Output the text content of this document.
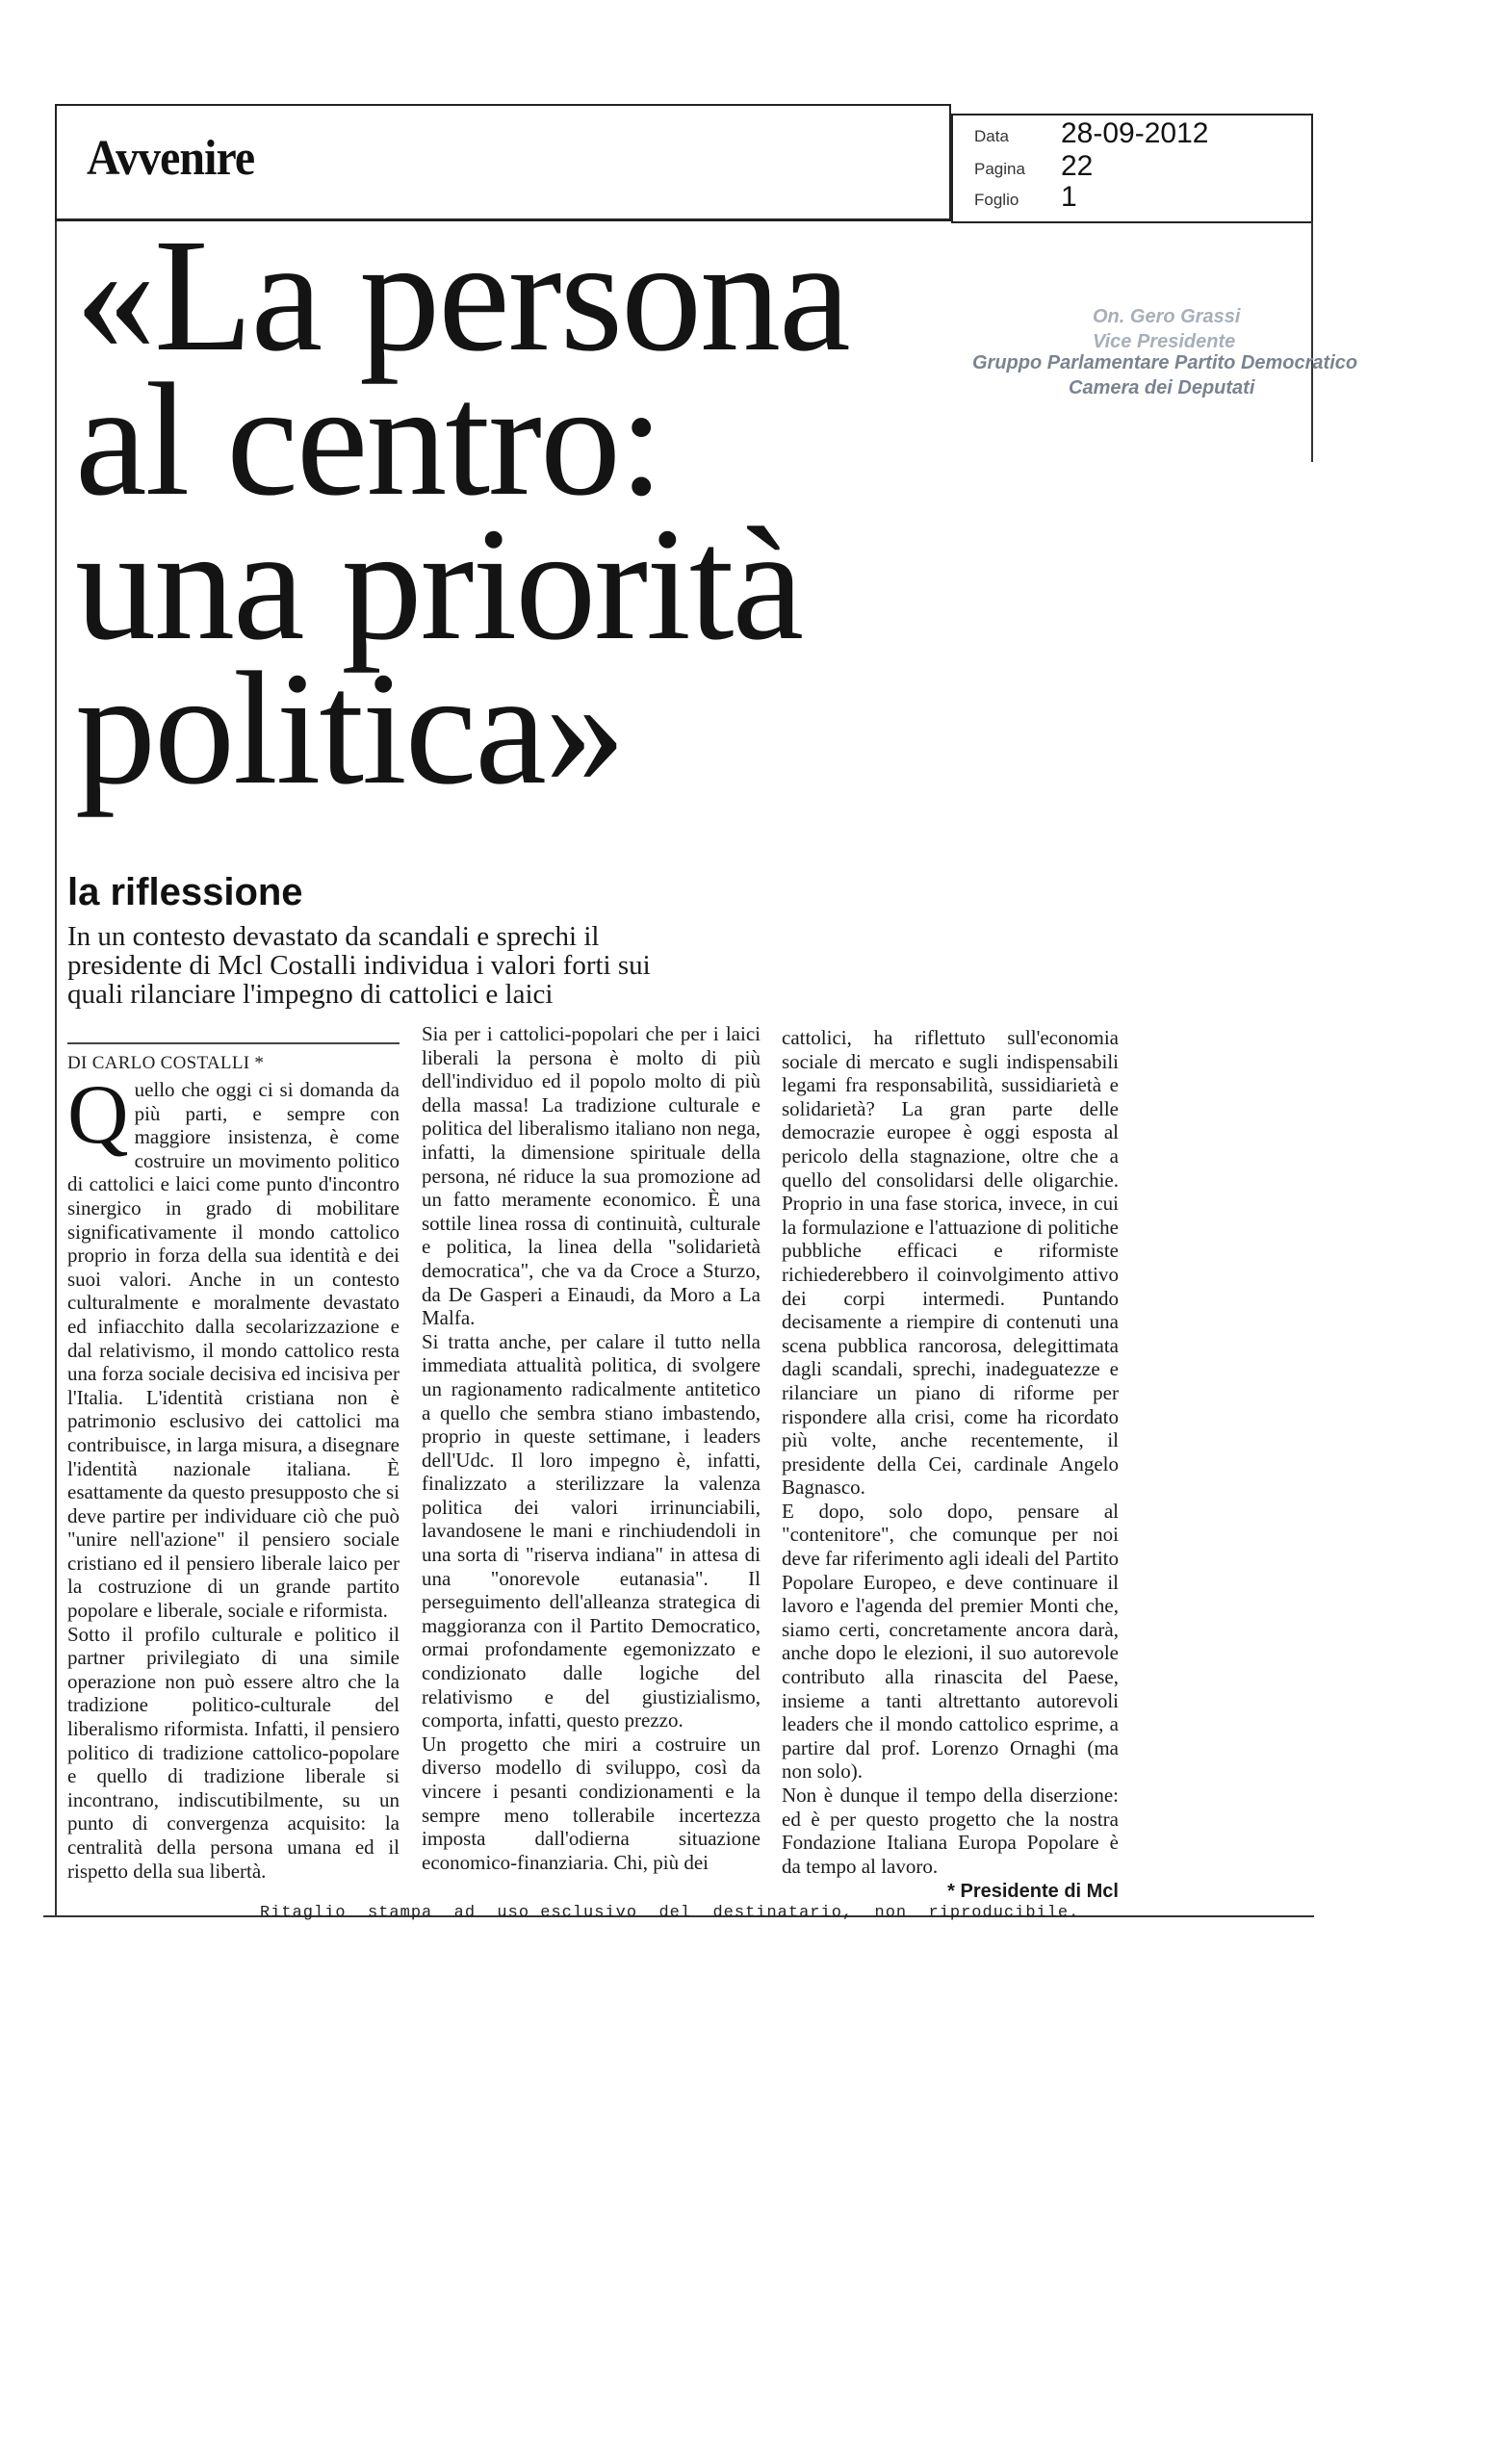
Avvenire	Data 28-09-2012
Pagina 22
Foglio 1
On. Gero Grassi
Vice Presidente
Gruppo Parlamentare Partito Democratico
Camera dei Deputati
«La persona
al centro:
una priorità
politica»
la riflessione
In un contesto devastato da scandali e sprechi il presidente di Mcl Costalli individua i valori forti sui quali rilanciare l'impegno di cattolici e laici
DI CARLO COSTALLI *

Quello che oggi ci si domanda da più parti, e sempre con maggiore insistenza, è come costruire un movimento politico di cattolici e laici come punto d'incontro sinergico in grado di mobilitare significativamente il mondo cattolico proprio in forza della sua identità e dei suoi valori. Anche in un contesto culturalmente e moralmente devastato ed infiacchito dalla secolarizzazione e dal relativismo, il mondo cattolico resta una forza sociale decisiva ed incisiva per l'Italia. L'identità cristiana non è patrimonio esclusivo dei cattolici ma contribuisce, in larga misura, a disegnare l'identità nazionale italiana. È esattamente da questo presupposto che si deve partire per individuare ciò che può "unire nell'azione" il pensiero sociale cristiano ed il pensiero liberale laico per la costruzione di un grande partito popolare e liberale, sociale e riformista.

Sotto il profilo culturale e politico il partner privilegiato di una simile operazione non può essere altro che la tradizione politico-culturale del liberalismo riformista. Infatti, il pensiero politico di tradizione cattolico-popolare e quello di tradizione liberale si incontrano, indiscutibilmente, su un punto di convergenza acquisito: la centralità della persona umana ed il rispetto della sua libertà.

Sia per i cattolici-popolari che per i laici liberali la persona è molto di più dell'individuo ed il popolo molto di più della massa! La tradizione culturale e politica del liberalismo italiano non nega, infatti, la dimensione spirituale della persona, né riduce la sua promozione ad un fatto meramente economico. È una sottile linea rossa di continuità, culturale e politica, la linea della "solidarietà democratica", che va da Croce a Sturzo, da De Gasperi a Einaudi, da Moro a La Malfa.

Si tratta anche, per calare il tutto nella immediata attualità politica, di svolgere un ragionamento radicalmente antitetico a quello che sembra stiano imbastendo, proprio in queste settimane, i leaders dell'Udc. Il loro impegno è, infatti, finalizzato a sterilizzare la valenza politica dei valori irrinunciabili, lavandosene le mani e rinchiudendoli in una sorta di "riserva indiana" in attesa di una "onorevole eutanasia". Il perseguimento dell'alleanza strategica di maggioranza con il Partito Democratico, ormai profondamente egemonizzato e condizionato dalle logiche del relativismo e del giustizialismo, comporta, infatti, questo prezzo.

Un progetto che miri a costruire un diverso modello di sviluppo, così da vincere i pesanti condizionamenti e la sempre meno tollerabile incertezza imposta dall'odierna situazione economico-finanziaria. Chi, più dei

cattolici, ha riflettuto sull'economia sociale di mercato e sugli indispensabili legami fra responsabilità, sussidiarietà e solidarietà? La gran parte delle democrazie europee è oggi esposta al pericolo della stagnazione, oltre che a quello del consolidarsi delle oligarchie. Proprio in una fase storica, invece, in cui la formulazione e l'attuazione di politiche pubbliche efficaci e riformiste richiederebbero il coinvolgimento attivo dei corpi intermedi. Puntando decisamente a riempire di contenuti una scena pubblica rancorosa, delegittimata dagli scandali, sprechi, inadeguatezze e rilanciare un piano di riforme per rispondere alla crisi, come ha ricordato più volte, anche recentemente, il presidente della Cei, cardinale Angelo Bagnasco.

E dopo, solo dopo, pensare al "contenitore", che comunque per noi deve far riferimento agli ideali del Partito Popolare Europeo, e deve continuare il lavoro e l'agenda del premier Monti che, siamo certi, concretamente ancora darà, anche dopo le elezioni, il suo autorevole contributo alla rinascita del Paese, insieme a tanti altrettanto autorevoli leaders che il mondo cattolico esprime, a partire dal prof. Lorenzo Ornaghi (ma non solo).

Non è dunque il tempo della diserzione: ed è per questo progetto che la nostra Fondazione Italiana Europa Popolare è da tempo al lavoro.

* Presidente di Mcl
Ritaglio  stampa  ad  uso esclusivo  del  destinatario,  non  riproducibile.
